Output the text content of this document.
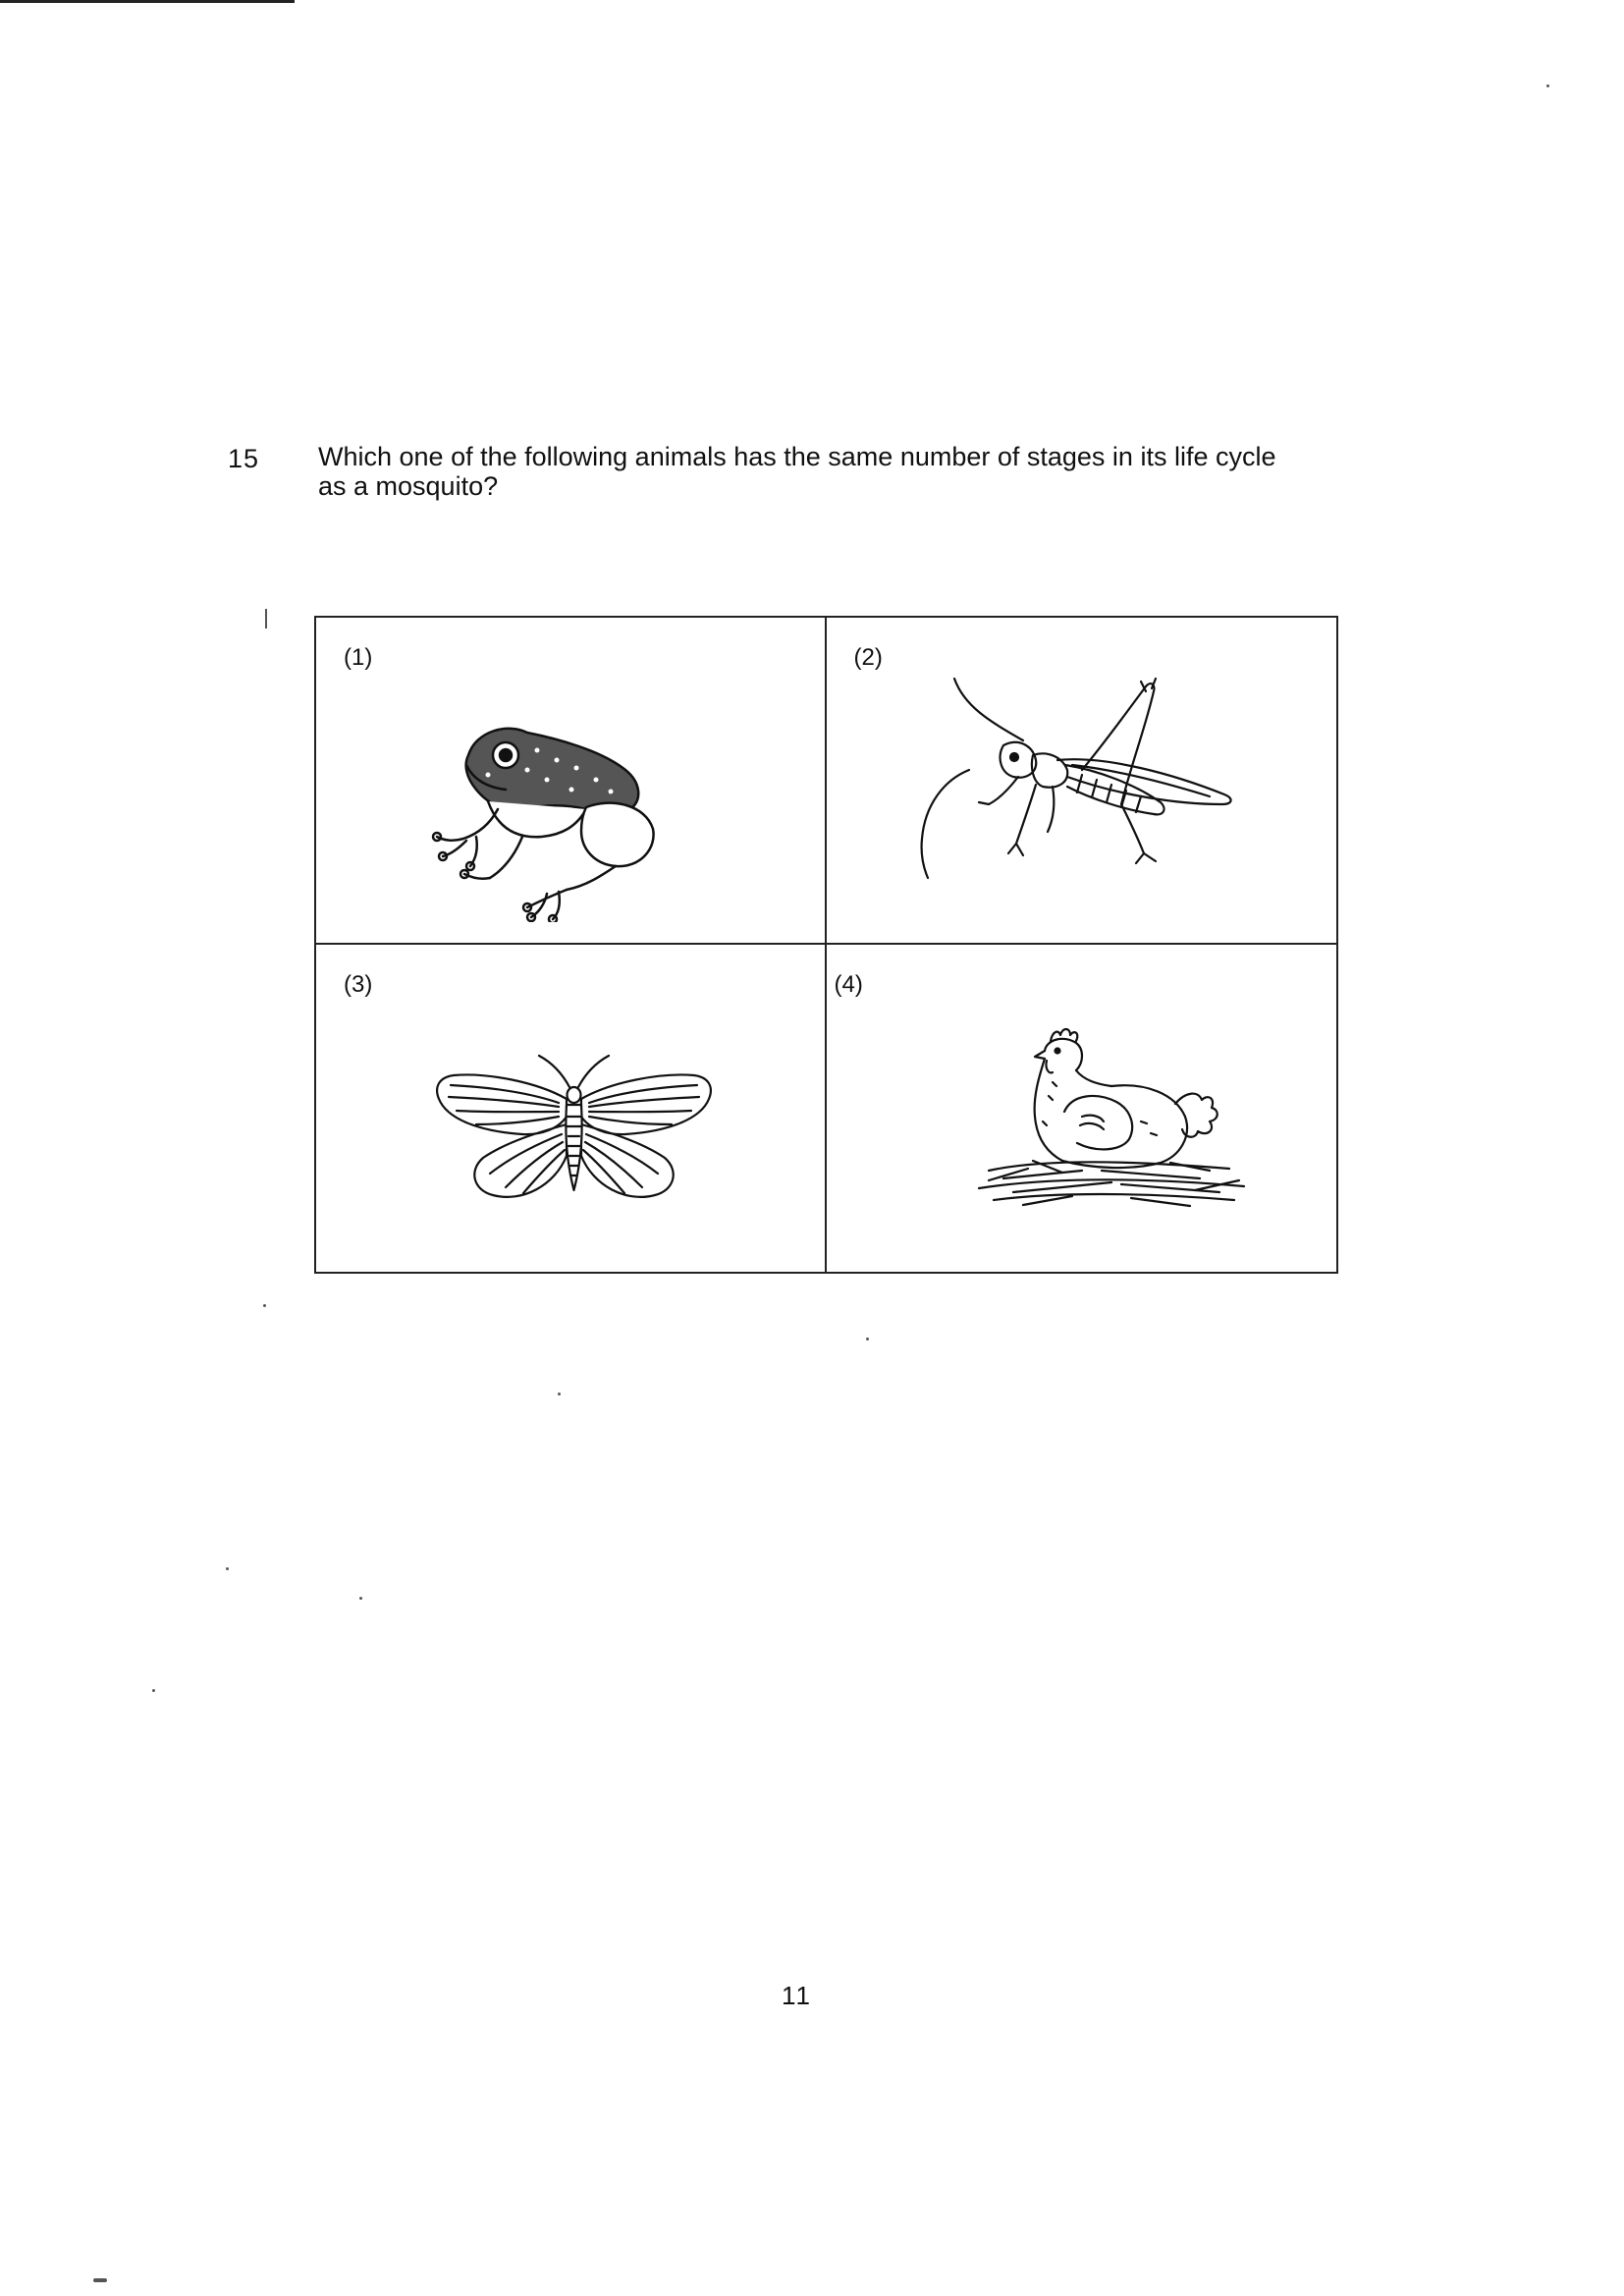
15 Which one of the following animals has the same number of stages in its life cycle as a mosquito?
(1)	(2)
(3)	(4)
11
